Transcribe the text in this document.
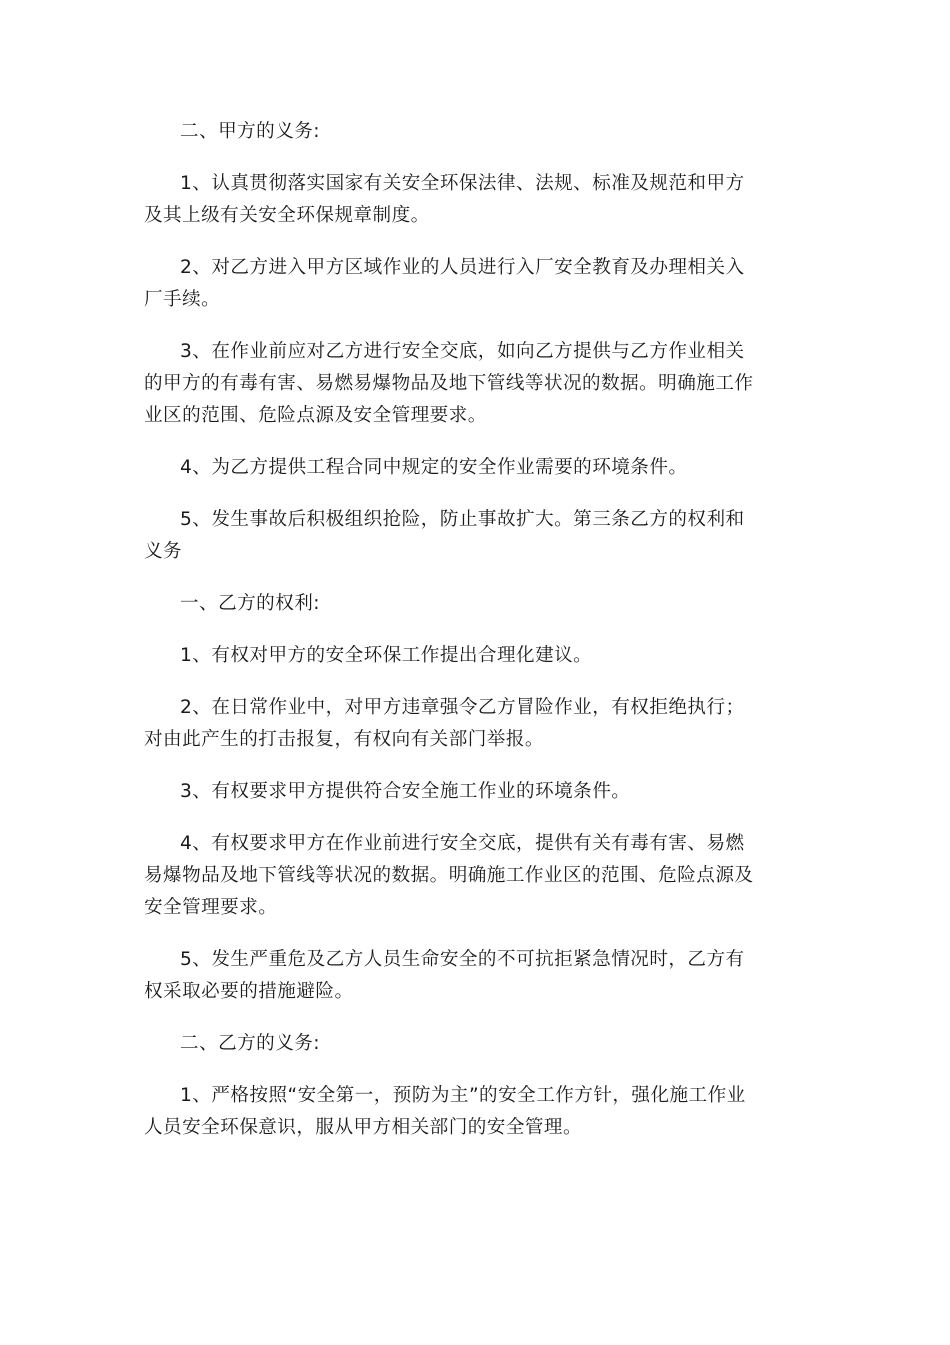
二、甲方的义务:

1、认真贯彻落实国家有关安全环保法律、法规、标准及规范和甲方及其上级有关安全环保规章制度。

2、对乙方进入甲方区域作业的人员进行入厂安全教育及办理相关入厂手续。

3、在作业前应对乙方进行安全交底，如向乙方提供与乙方作业相关的甲方的有毒有害、易燃易爆物品及地下管线等状况的数据。明确施工作业区的范围、危险点源及安全管理要求。

4、为乙方提供工程合同中规定的安全作业需要的环境条件。

5、发生事故后积极组织抢险，防止事故扩大。第三条乙方的权利和义务

一、乙方的权利:

1、有权对甲方的安全环保工作提出合理化建议。

2、在日常作业中，对甲方违章强令乙方冒险作业，有权拒绝执行；对由此产生的打击报复，有权向有关部门举报。

3、有权要求甲方提供符合安全施工作业的环境条件。

4、有权要求甲方在作业前进行安全交底，提供有关有毒有害、易燃易爆物品及地下管线等状况的数据。明确施工作业区的范围、危险点源及安全管理要求。

5、发生严重危及乙方人员生命安全的不可抗拒紧急情况时，乙方有权采取必要的措施避险。

二、乙方的义务:

1、严格按照“安全第一，预防为主”的安全工作方针，强化施工作业人员安全环保意识，服从甲方相关部门的安全管理。
